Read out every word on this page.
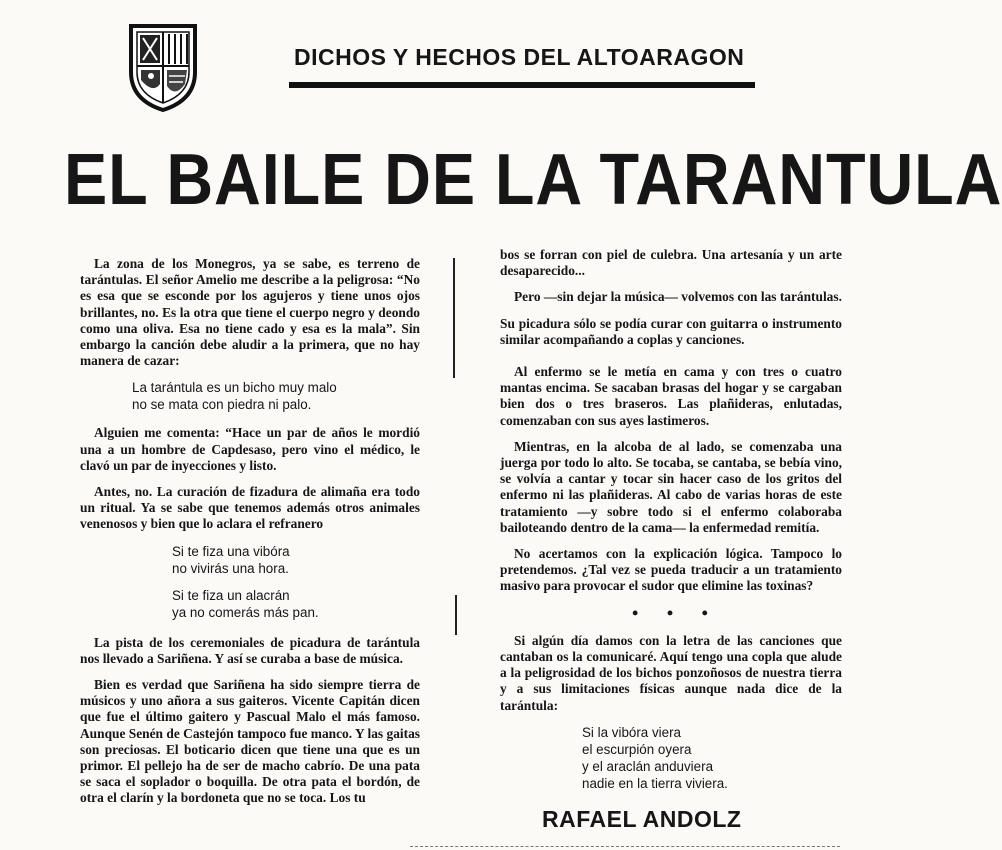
DICHOS Y HECHOS DEL ALTOARAGON
EL BAILE DE LA TARANTULA

La zona de los Monegros, ya se sabe, es terreno de tarántulas. El señor Amelio me describe a la peligrosa: “No es esa que se esconde por los agujeros y tiene unos ojos brillantes, no. Es la otra que tiene el cuerpo negro y deondo como una oliva. Esa no tiene cado y esa es la mala”. Sin embargo la canción debe aludir a la primera, que no hay manera de cazar:

La tarántula es un bicho muy malo
no se mata con piedra ni palo.

Alguien me comenta: “Hace un par de años le mordió una a un hombre de Capdesaso, pero vino el médico, le clavó un par de inyecciones y listo.

Antes, no. La curación de fizadura de alimaña era todo un ritual. Ya se sabe que tenemos además otros animales venenosos y bien que lo aclara el refranero

Si te fiza una vibóra
no vivirás una hora.
Si te fiza un alacrán
ya no comerás más pan.

La pista de los ceremoniales de picadura de tarántula nos llevado a Sariñena. Y así se curaba a base de música.

Bien es verdad que Sariñena ha sido siempre tierra de músicos y uno añora a sus gaiteros. Vicente Capitán dicen que fue el último gaitero y Pascual Malo el más famoso. Aunque Senén de Castejón tampoco fue manco. Y las gaitas son preciosas. El boticario dicen que tiene una que es un primor. El pellejo ha de ser de macho cabrío. De una pata se saca el soplador o boquilla. De otra pata el bordón, de otra el clarín y la bordoneta que no se toca. Los tu

bos se forran con piel de culebra. Una artesanía y un arte desaparecido...

Pero —sin dejar la música— volvemos con las tarántulas.

Su picadura sólo se podía curar con guitarra o instrumento similar acompañando a coplas y canciones.

Al enfermo se le metía en cama y con tres o cuatro mantas encima. Se sacaban brasas del hogar y se cargaban bien dos o tres braseros. Las plañideras, enlutadas, comenzaban con sus ayes lastimeros.

Mientras, en la alcoba de al lado, se comenzaba una juerga por todo lo alto. Se tocaba, se cantaba, se bebía vino, se volvía a cantar y tocar sin hacer caso de los gritos del enfermo ni las plañideras. Al cabo de varias horas de este tratamiento —y sobre todo si el enfermo colaboraba bailoteando dentro de la cama— la enfermedad remitía.

No acertamos con la explicación lógica. Tampoco lo pretendemos. ¿Tal vez se pueda traducir a un tratamiento masivo para provocar el sudor que elimine las toxinas?

• • •

Si algún día damos con la letra de las canciones que cantaban os la comunicaré. Aquí tengo una copla que alude a la peligrosidad de los bichos ponzoñosos de nuestra tierra y a sus limitaciones físicas aunque nada dice de la tarántula:

Si la vibóra viera
el escurpión oyera
y el araclán anduviera
nadie en la tierra viviera.
RAFAEL ANDOLZ
